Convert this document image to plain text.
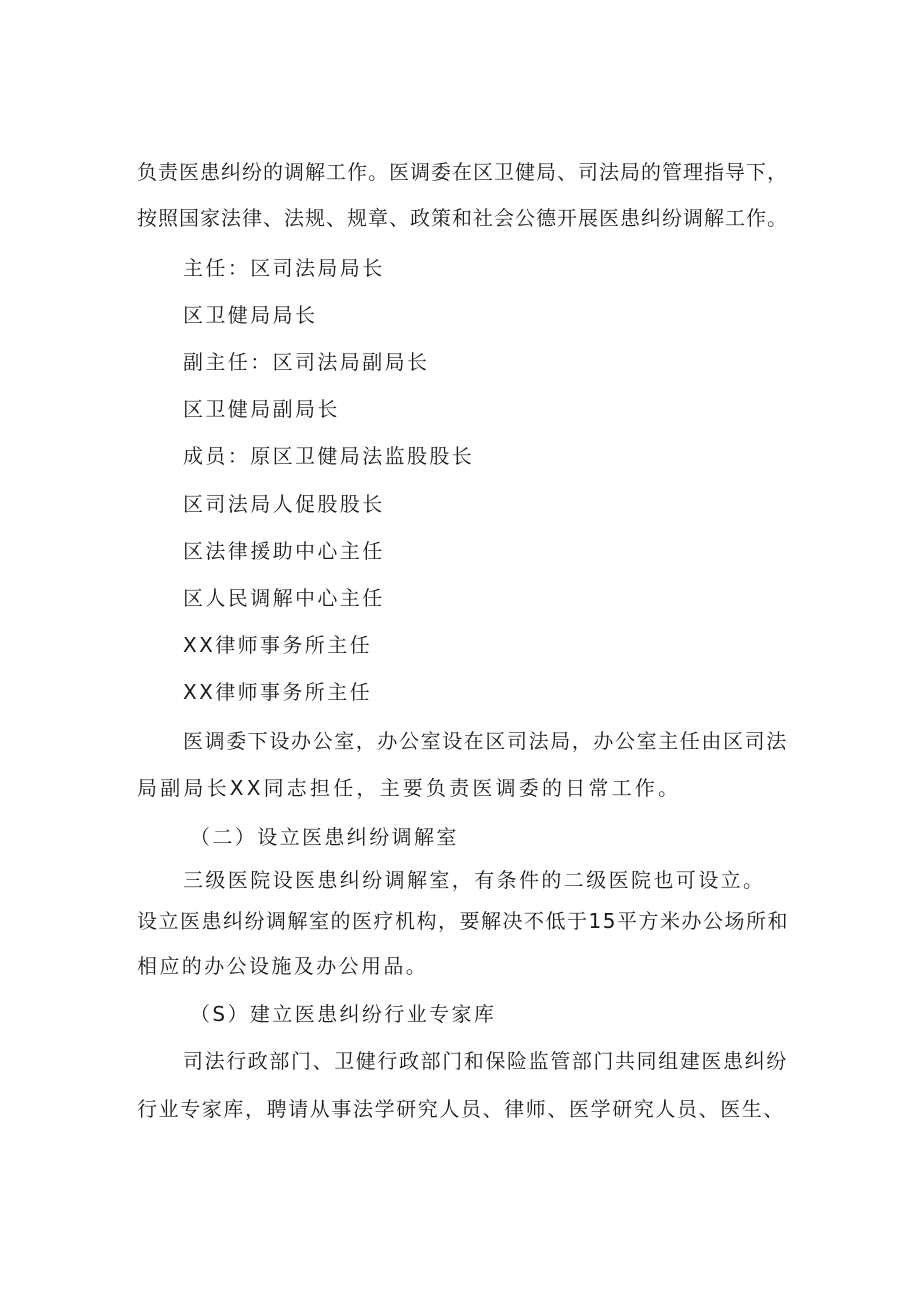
负责医患纠纷的调解工作。医调委在区卫健局、司法局的管理指导下，
按照国家法律、法规、规章、政策和社会公德开展医患纠纷调解工作。
主任：区司法局局长
区卫健局局长
副主任：区司法局副局长
区卫健局副局长
成员：原区卫健局法监股股长
区司法局人促股股长
区法律援助中心主任
区人民调解中心主任
XX律师事务所主任
XX律师事务所主任
医调委下设办公室，办公室设在区司法局，办公室主任由区司法
局副局长XX同志担任，主要负责医调委的日常工作。
（二）设立医患纠纷调解室
三级医院设医患纠纷调解室，有条件的二级医院也可设立。
设立医患纠纷调解室的医疗机构，要解决不低于15平方米办公场所和
相应的办公设施及办公用品。
（S）建立医患纠纷行业专家库
司法行政部门、卫健行政部门和保险监管部门共同组建医患纠纷
行业专家库，聘请从事法学研究人员、律师、医学研究人员、医生、
